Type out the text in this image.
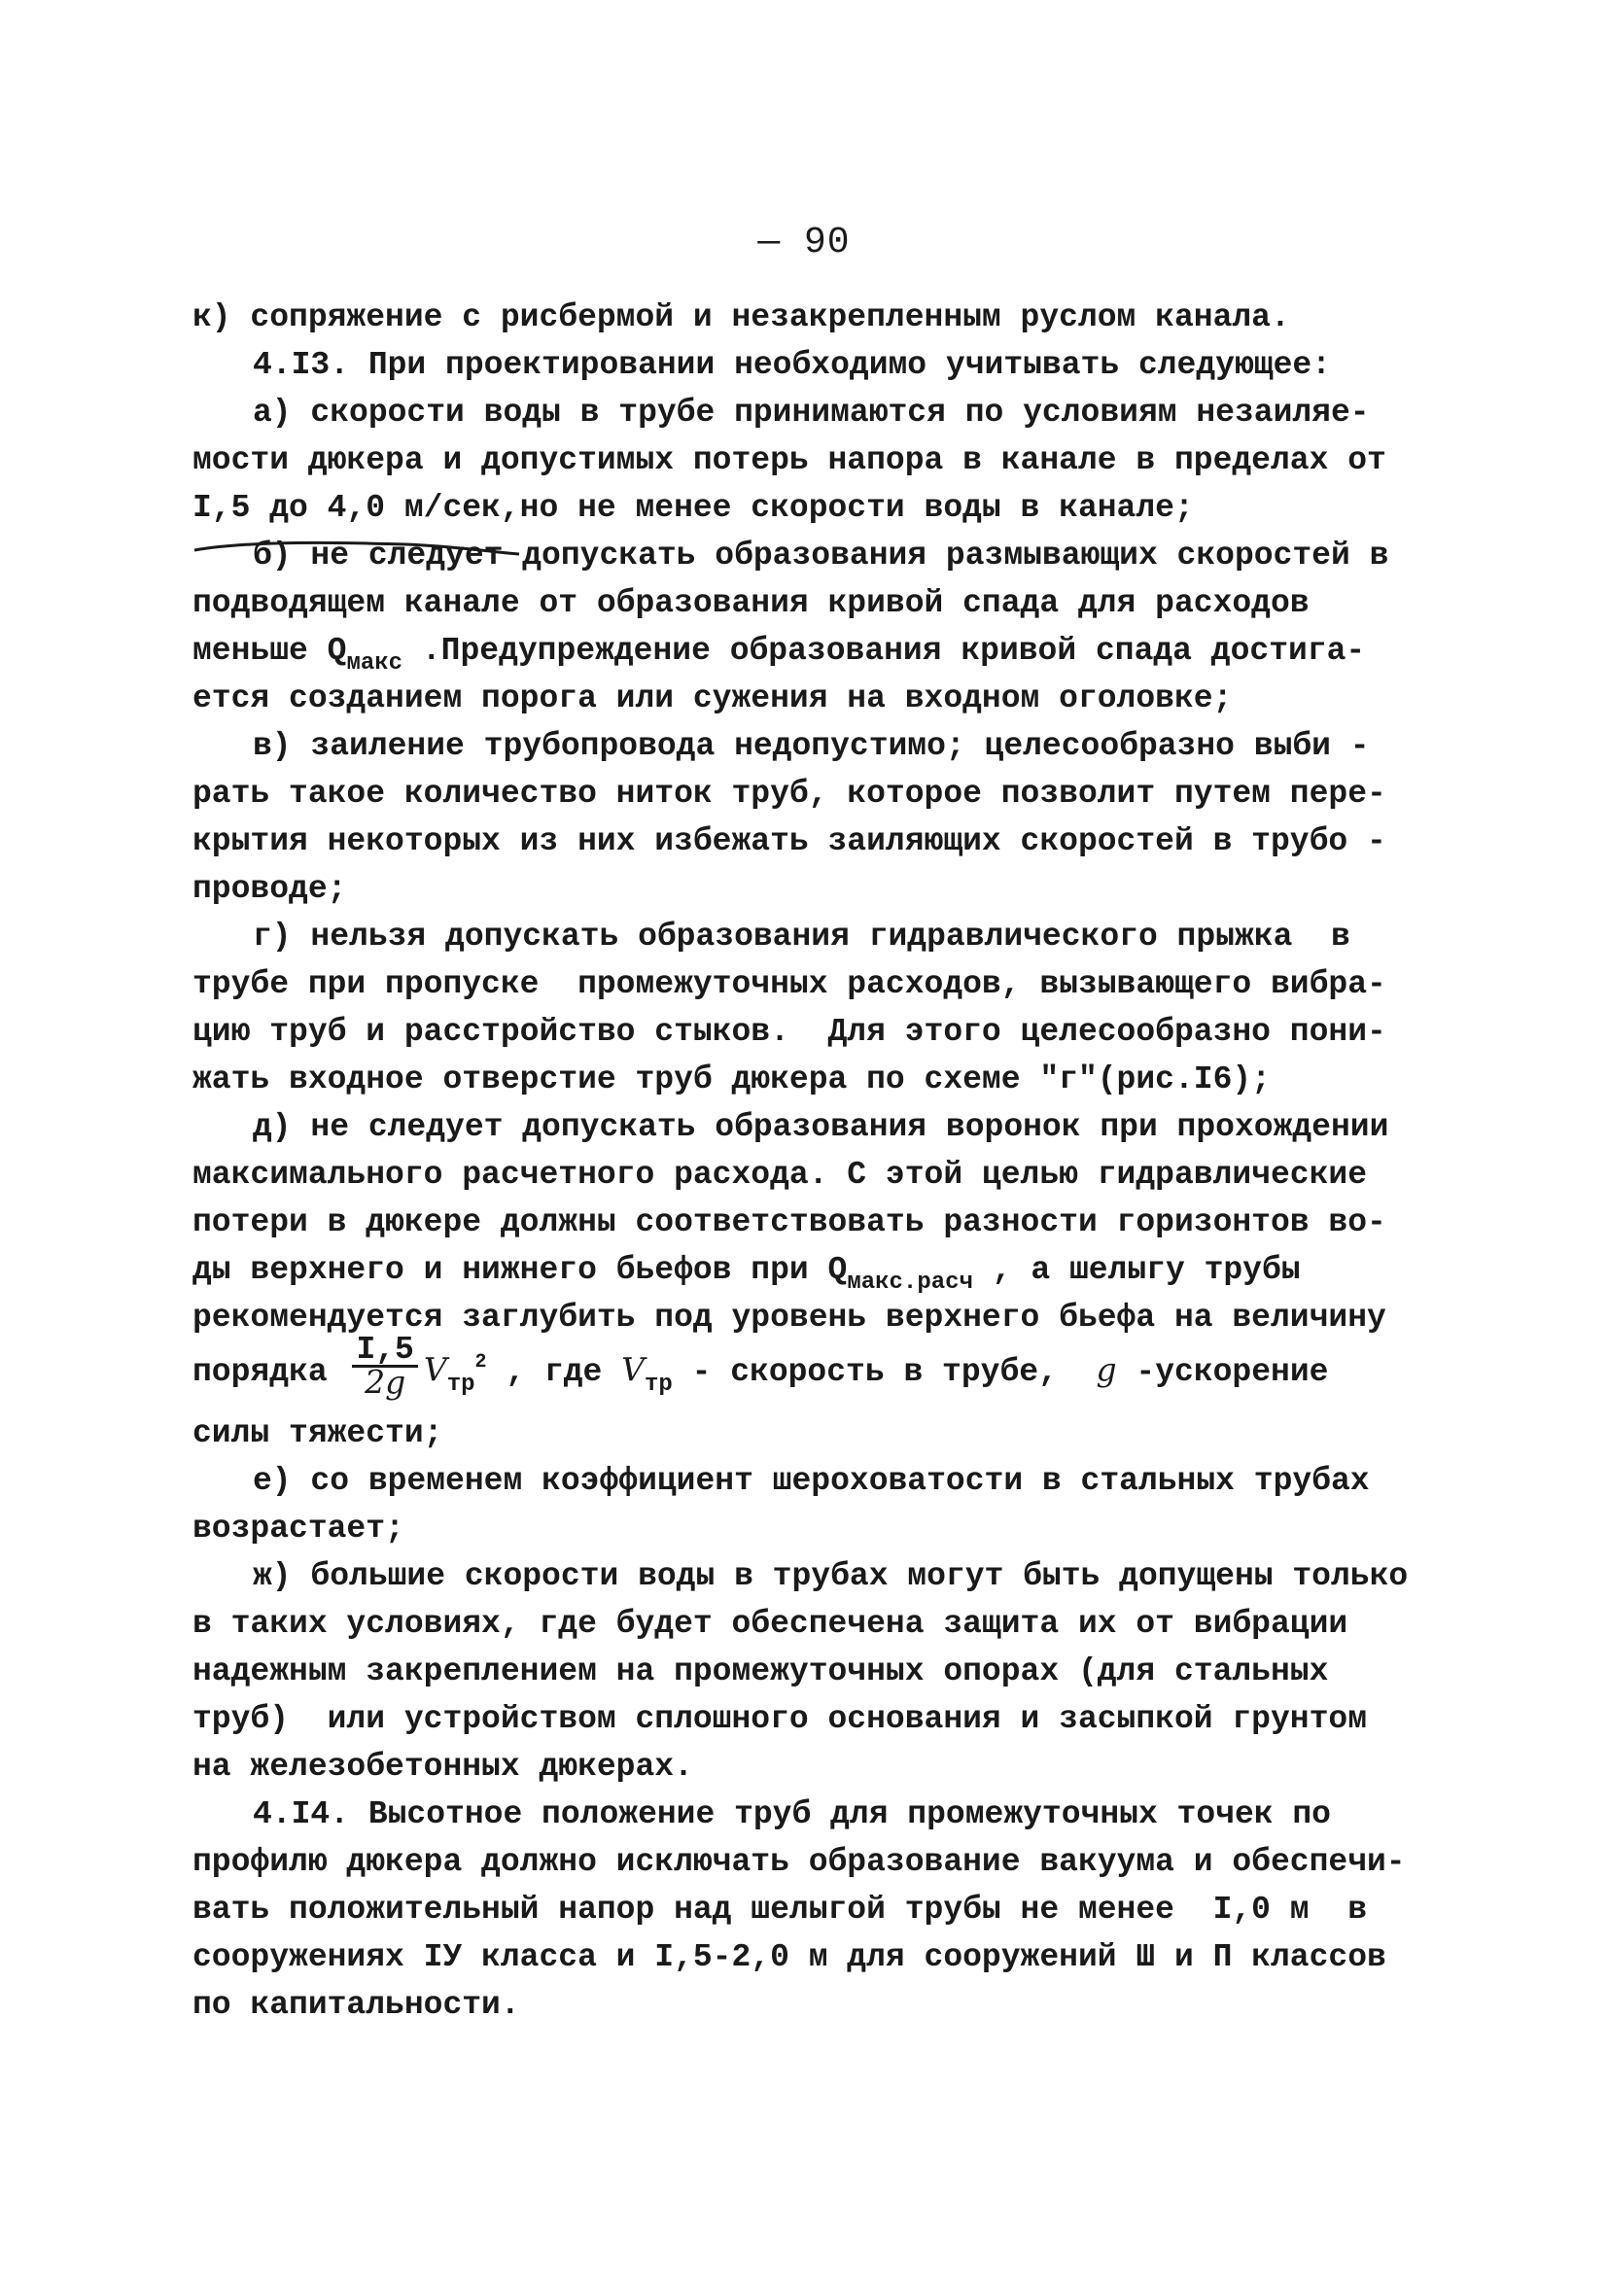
— 90
к) сопряжение с рисбермой и незакрепленным руслом канала.
4.I3. При проектировании необходимо учитывать следующее:
а) скорости воды в трубе принимаются по условиям незаиляе-
мости дюкера и допустимых потерь напора в канале в пределах от
I,5 до 4,0 м/сек,но не менее скорости воды в канале;
б) не следует допускать образования размывающих скоростей в
подводящем канале от образования кривой спада для расходов
меньше $Q_{макс}$ .Предупреждение образования кривой спада достига-
ется созданием порога или сужения на входном оголовке;
в) заиление трубопровода недопустимо; целесообразно выби -
рать такое количество ниток труб, которое позволит путем пере-
крытия некоторых из них избежать заиляющих скоростей в трубо -
проводе;
г) нельзя допускать образования гидравлического прыжка  в
трубе при пропуске  промежуточных расходов, вызывающего вибра-
цию труб и расстройство стыков.  Для этого целесообразно пони-
жать входное отверстие труб дюкера по схеме "г"(рис.I6);
д) не следует допускать образования воронок при прохождении
максимального расчетного расхода. С этой целью гидравлические
потери в дюкере должны соответствовать разности горизонтов во-
ды верхнего и нижнего бьефов при $Q_{макс.расч}$ , а шелыгу трубы
рекомендуется заглубить под уровень верхнего бьефа на величину
порядка $\frac{I,5}{2g} V_{тр}^2$ , где $V_{тр}$ - скорость в трубе,  g -ускорение
силы тяжести;
е) со временем коэффициент шероховатости в стальных трубах
возрастает;
ж) большие скорости воды в трубах могут быть допущены только
в таких условиях, где будет обеспечена защита их от вибрации
надежным закреплением на промежуточных опорах (для стальных
труб)  или устройством сплошного основания и засыпкой грунтом
на железобетонных дюкерах.
4.I4. Высотное положение труб для промежуточных точек по
профилю дюкера должно исключать образование вакуума и обеспечи-
вать положительный напор над шелыгой трубы не менее  I,0 м  в
сооружениях IУ класса и I,5-2,0 м для сооружений Ш и П классов
по капитальности.
